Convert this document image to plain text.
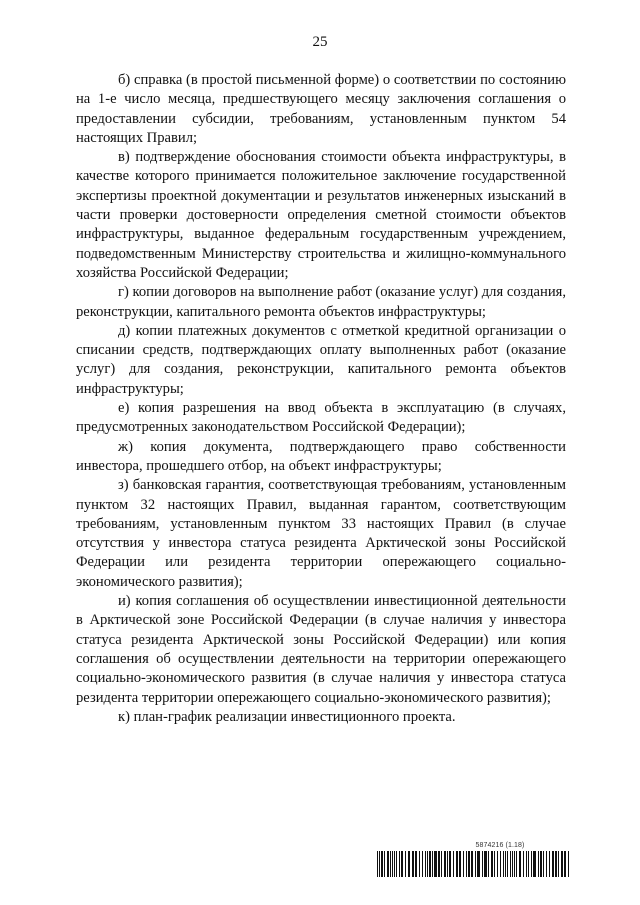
25

б) справка (в простой письменной форме) о соответствии по состоянию на 1-е число месяца, предшествующего месяцу заключения соглашения о предоставлении субсидии, требованиям, установленным пунктом 54 настоящих Правил;

в) подтверждение обоснования стоимости объекта инфраструктуры, в качестве которого принимается положительное заключение государственной экспертизы проектной документации и результатов инженерных изысканий в части проверки достоверности определения сметной стоимости объектов инфраструктуры, выданное федеральным государственным учреждением, подведомственным Министерству строительства и жилищно-коммунального хозяйства Российской Федерации;

г) копии договоров на выполнение работ (оказание услуг) для создания, реконструкции, капитального ремонта объектов инфраструктуры;

д) копии платежных документов с отметкой кредитной организации о списании средств, подтверждающих оплату выполненных работ (оказание услуг) для создания, реконструкции, капитального ремонта объектов инфраструктуры;

е) копия разрешения на ввод объекта в эксплуатацию (в случаях, предусмотренных законодательством Российской Федерации);

ж) копия документа, подтверждающего право собственности инвестора, прошедшего отбор, на объект инфраструктуры;

з) банковская гарантия, соответствующая требованиям, установленным пунктом 32 настоящих Правил, выданная гарантом, соответствующим требованиям, установленным пунктом 33 настоящих Правил (в случае отсутствия у инвестора статуса резидента Арктической зоны Российской Федерации или резидента территории опережающего социально-экономического развития);

и) копия соглашения об осуществлении инвестиционной деятельности в Арктической зоне Российской Федерации (в случае наличия у инвестора статуса резидента Арктической зоны Российской Федерации) или копия соглашения об осуществлении деятельности на территории опережающего социально-экономического развития (в случае наличия у инвестора статуса резидента территории опережающего социально-экономического развития);

к) план-график реализации инвестиционного проекта.

5874216 (1.18)
